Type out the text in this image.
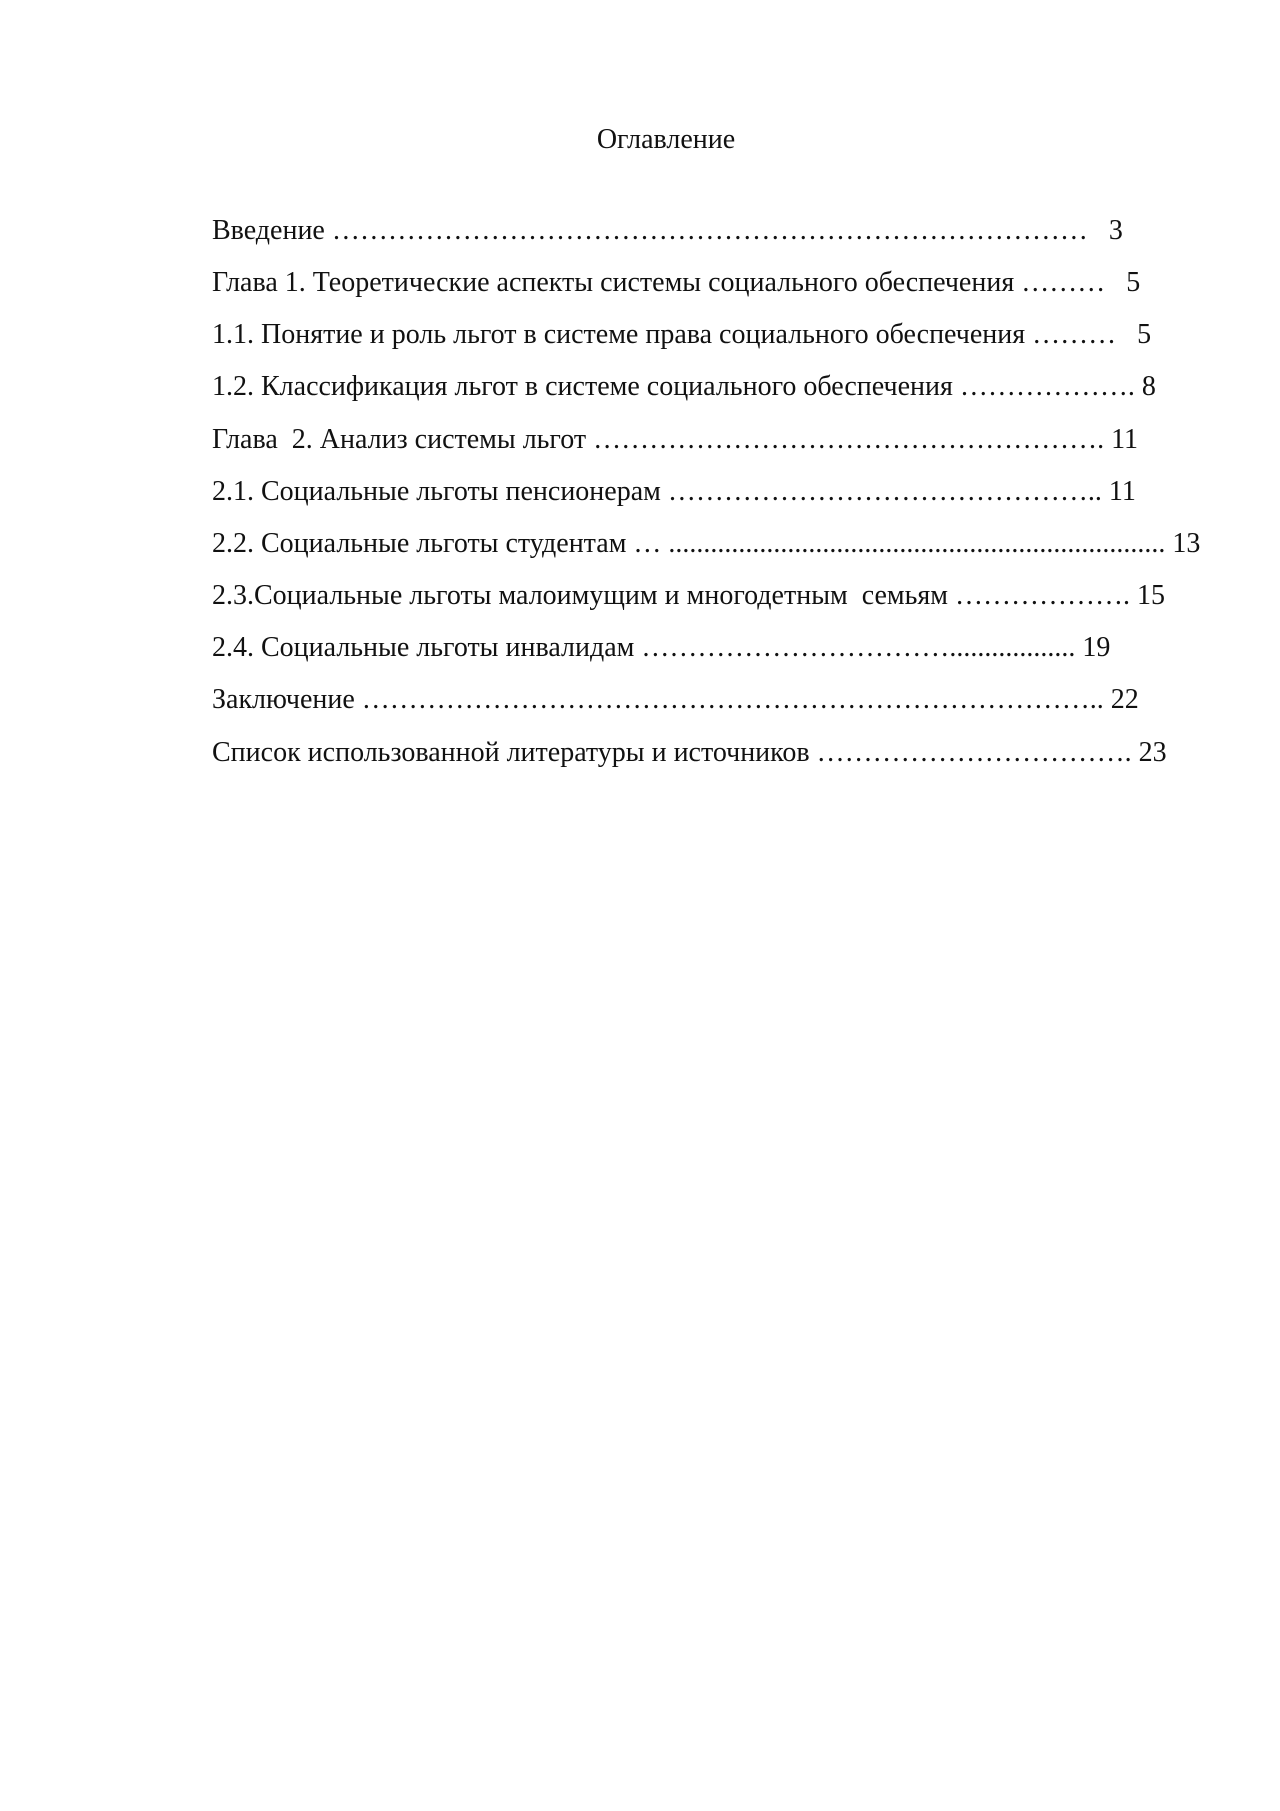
Оглавление

Введение ………………………………………………………………………   3

Глава 1. Теоретические аспекты системы социального обеспечения ………   5

1.1. Понятие и роль льгот в системе права социального обеспечения ………   5

1.2. Классификация льгот в системе социального обеспечения ………………. 8

Глава  2. Анализ системы льгот ………………………………………………. 11

2.1. Социальные льготы пенсионерам ……………………………………….. 11

2.2. Социальные льготы студентам … ....................................................................... 13

2.3.Социальные льготы малоимущим и многодетным  семьям ………………. 15

2.4. Социальные льготы инвалидам …………………………….................. 19

Заключение …………………………………………………………………….. 22

Список использованной литературы и источников ……………………………. 23
